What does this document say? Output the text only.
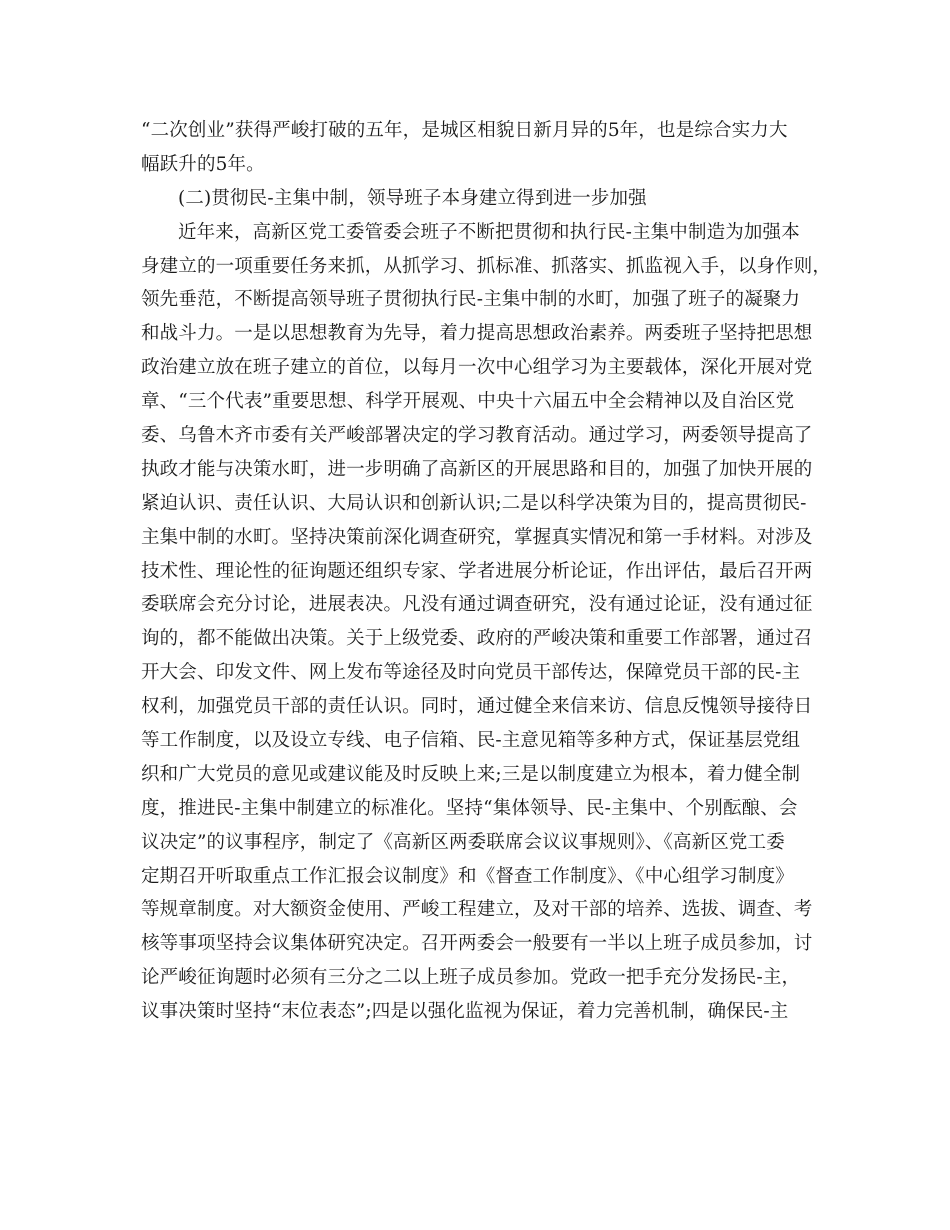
“二次创业”获得严峻打破的五年，是城区相貌日新月异的5年，也是综合实力大
幅跃升的5年。
(二)贯彻民-主集中制，领导班子本身建立得到进一步加强
近年来，高新区党工委管委会班子不断把贯彻和执行民-主集中制造为加强本
身建立的一项重要任务来抓，从抓学习、抓标准、抓落实、抓监视入手，以身作则，
领先垂范，不断提高领导班子贯彻执行民-主集中制的水町，加强了班子的凝聚力
和战斗力。一是以思想教育为先导，着力提高思想政治素养。两委班子坚持把思想
政治建立放在班子建立的首位，以每月一次中心组学习为主要载体，深化开展对党
章、“三个代表”重要思想、科学开展观、中央十六届五中全会精神以及自治区党
委、乌鲁木齐市委有关严峻部署决定的学习教育活动。通过学习，两委领导提高了
执政才能与决策水町，进一步明确了高新区的开展思路和目的，加强了加快开展的
紧迫认识、责任认识、大局认识和创新认识;二是以科学决策为目的，提高贯彻民-
主集中制的水町。坚持决策前深化调查研究，掌握真实情况和第一手材料。对涉及
技术性、理论性的征询题还组织专家、学者进展分析论证，作出评估，最后召开两
委联席会充分讨论，进展表决。凡没有通过调查研究，没有通过论证，没有通过征
询的，都不能做出决策。关于上级党委、政府的严峻决策和重要工作部署，通过召
开大会、印发文件、网上发布等途径及时向党员干部传达，保障党员干部的民-主
权利，加强党员干部的责任认识。同时，通过健全来信来访、信息反愧领导接待日
等工作制度，以及设立专线、电子信箱、民-主意见箱等多种方式，保证基层党组
织和广大党员的意见或建议能及时反映上来;三是以制度建立为根本，着力健全制
度，推进民-主集中制建立的标准化。坚持“集体领导、民-主集中、个别酝酿、会
议决定”的议事程序，制定了《高新区两委联席会议议事规则》、《高新区党工委
定期召开听取重点工作汇报会议制度》和《督查工作制度》、《中心组学习制度》
等规章制度。对大额资金使用、严峻工程建立，及对干部的培养、选拔、调查、考
核等事项坚持会议集体研究决定。召开两委会一般要有一半以上班子成员参加，讨
论严峻征询题时必须有三分之二以上班子成员参加。党政一把手充分发扬民-主，
议事决策时坚持“末位表态”;四是以强化监视为保证，着力完善机制，确保民-主
